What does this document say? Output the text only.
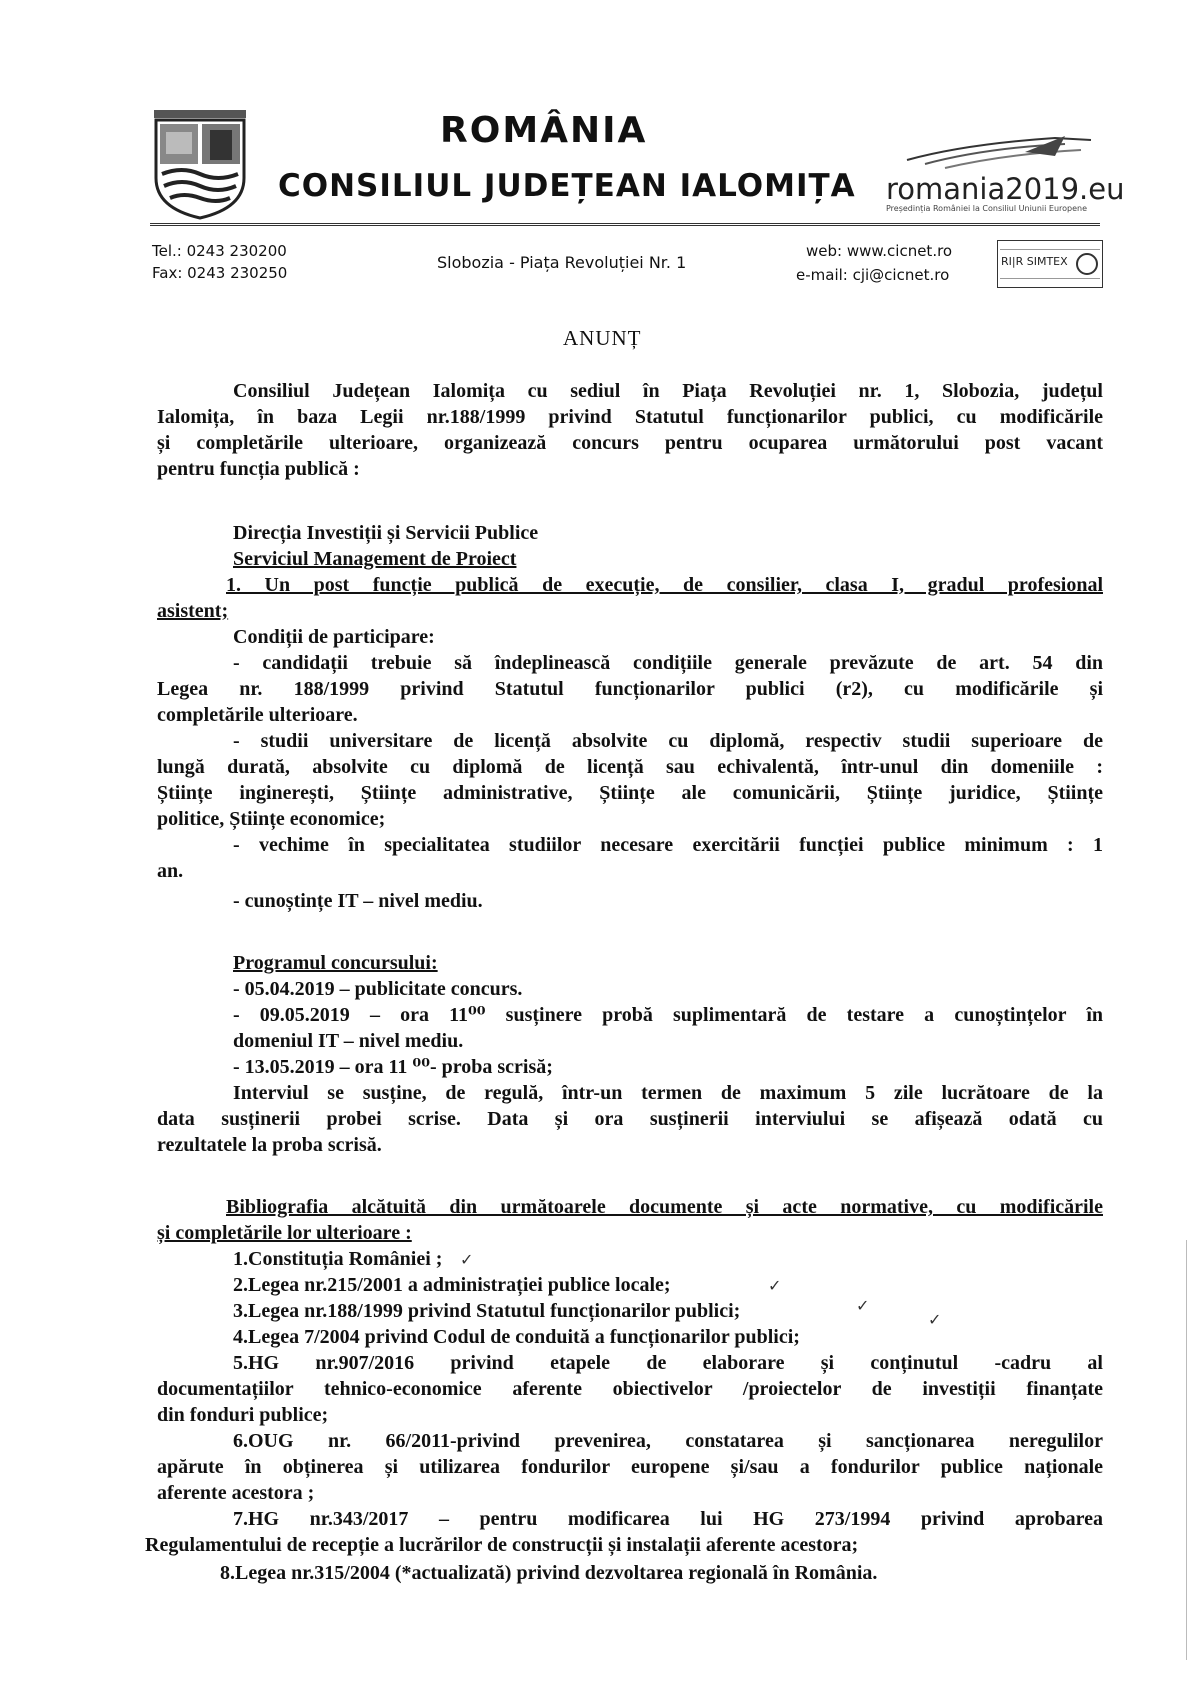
ROMÂNIA
CONSILIUL JUDEȚEAN IALOMIȚA romania2019.eu
Președinția României la Consiliul Uniunii Europene
Tel.: 0243 230200
Fax: 0243 230250
Slobozia - Piața Revoluției Nr. 1
web: www.cicnet.ro
e-mail: cji@cicnet.ro
RI|R SIMTEX
ANUNȚ
Consiliul Județean Ialomița cu sediul în Piața Revoluției nr. 1, Slobozia, județul
Ialomița, în baza Legii nr.188/1999 privind Statutul funcționarilor publici, cu modificările
și completările ulterioare, organizează concurs pentru ocuparea următorului post vacant
pentru funcția publică :
Direcția Investiții și Servicii Publice
Serviciul Management de Proiect
1. Un post funcție publică de execuție, de consilier, clasa I, gradul profesional
asistent;
Condiții de participare:
- candidații trebuie să îndeplinească condițiile generale prevăzute de art. 54 din
Legea nr. 188/1999 privind Statutul funcționarilor publici (r2), cu modificările și
completările ulterioare.
- studii universitare de licență absolvite cu diplomă, respectiv studii superioare de
lungă durată, absolvite cu diplomă de licență sau echivalentă, într-unul din domeniile :
Științe inginerești, Științe administrative, Științe ale comunicării, Științe juridice, Științe
politice, Științe economice;
- vechime în specialitatea studiilor necesare exercitării funcției publice minimum : 1
an.
- cunoștințe IT – nivel mediu.
Programul concursului:
- 05.04.2019 – publicitate concurs.
- 09.05.2019 – ora 11⁰⁰ susținere probă suplimentară de testare a cunoștințelor în
domeniul IT – nivel mediu.
- 13.05.2019 – ora 11 ⁰⁰- proba scrisă;
Interviul se susține, de regulă, într-un termen de maximum 5 zile lucrătoare de la
data susținerii probei scrise. Data și ora susținerii interviului se afișează odată cu
rezultatele la proba scrisă.
Bibliografia alcătuită din următoarele documente și acte normative, cu modificările
și completările lor ulterioare :
1.Constituția României ; ✓
2.Legea nr.215/2001 a administrației publice locale;	✓
3.Legea nr.188/1999 privind Statutul funcționarilor publici;	✓
4.Legea 7/2004 privind Codul de conduită a funcționarilor publici;
✓
5.HG nr.907/2016 privind etapele de elaborare și conținutul -cadru al
documentațiilor tehnico-economice aferente obiectivelor /proiectelor de investiții finanțate
din fonduri publice;
6.OUG nr. 66/2011-privind prevenirea, constatarea și sancționarea neregulilor
apărute în obținerea și utilizarea fondurilor europene și/sau a fondurilor publice naționale
aferente acestora ;
7.HG nr.343/2017 – pentru modificarea lui HG 273/1994 privind aprobarea
Regulamentului de recepție a lucrărilor de construcții și instalații aferente acestora;
8.Legea nr.315/2004 (*actualizată) privind dezvoltarea regională în România.
